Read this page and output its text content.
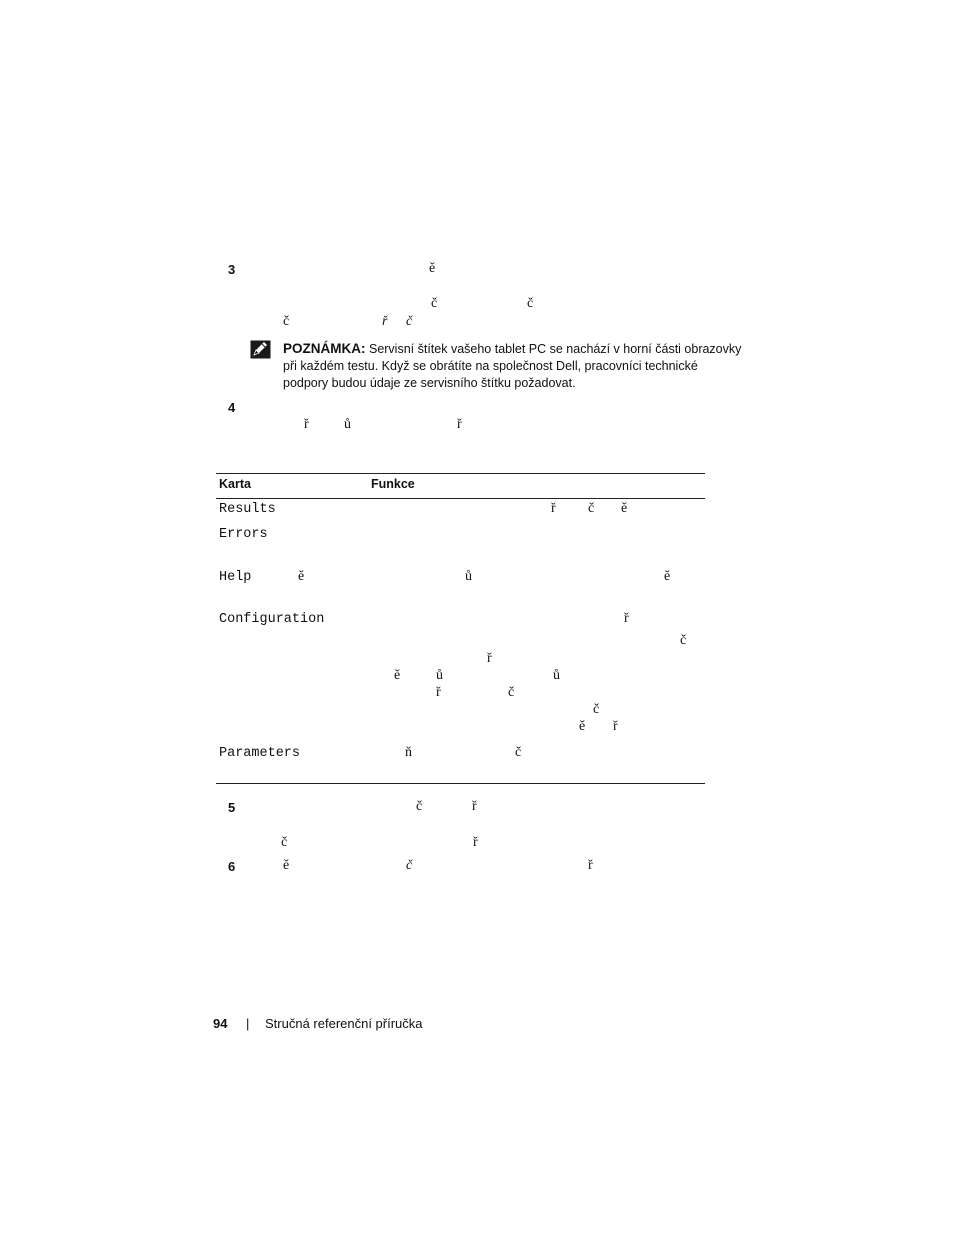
3	ě
č	č
č	ř č
POZNÁMKA: Servisní štítek vašeho tablet PC se nachází v horní části obrazovky
při každém testu. Když se obrátíte na společnost Dell, pracovníci technické
podpory budou údaje ze servisního štítku požadovat.
4
ř	ů	ř
Karta	Funkce
Results	ř č ě
Errors
Help	ě	ů	ě
Configuration	ř
č
ř
ě	ů	ů
ř	č
č
ě ř
Parameters	ň	č
5	č	ř
č	ř
6	ě	č	ř
94 | Stručná referenční příručka
